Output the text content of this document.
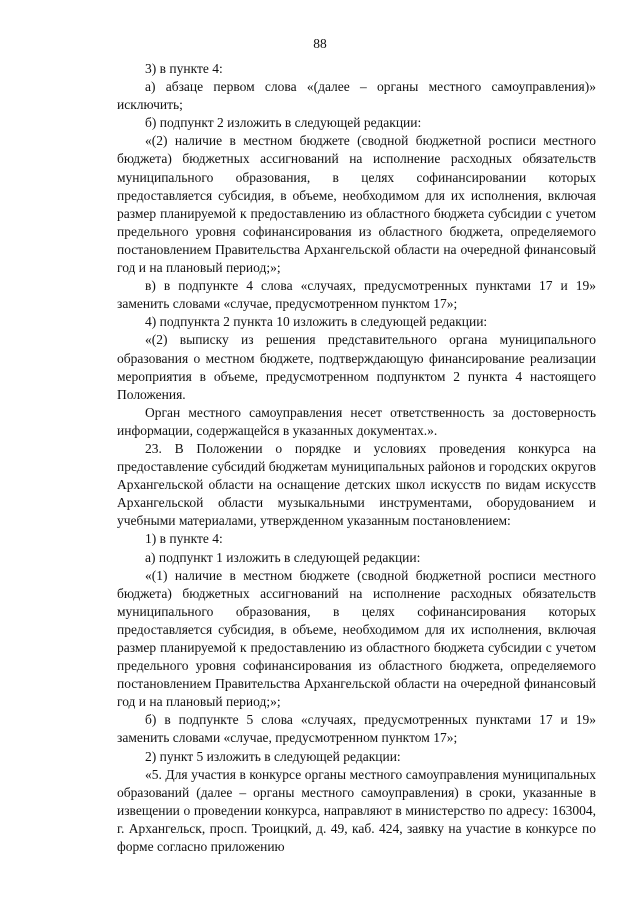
88

3) в пункте 4:

а) абзаце первом слова «(далее – органы местного самоуправления)» исключить;

б) подпункт 2 изложить в следующей редакции:

«(2) наличие в местном бюджете (сводной бюджетной росписи местного бюджета) бюджетных ассигнований на исполнение расходных обязательств муниципального образования, в целях софинансировании которых предоставляется субсидия, в объеме, необходимом для их исполнения, включая размер планируемой к предоставлению из областного бюджета субсидии с учетом предельного уровня софинансирования из областного бюджета, определяемого постановлением Правительства Архангельской области на очередной финансовый год и на плановый период;»;

в) в подпункте 4 слова «случаях, предусмотренных пунктами 17 и 19» заменить словами «случае, предусмотренном пунктом 17»;

4) подпункта 2 пункта 10 изложить в следующей редакции:

«(2) выписку из решения представительного органа муниципального образования о местном бюджете, подтверждающую финансирование реализации мероприятия в объеме, предусмотренном подпунктом 2 пункта 4 настоящего Положения.

Орган местного самоуправления несет ответственность за достоверность информации, содержащейся в указанных документах.».

23. В Положении о порядке и условиях проведения конкурса на предоставление субсидий бюджетам муниципальных районов и городских округов Архангельской области на оснащение детских школ искусств по видам искусств Архангельской области музыкальными инструментами, оборудованием и учебными материалами, утвержденном указанным постановлением:

1) в пункте 4:

а) подпункт 1 изложить в следующей редакции:

«(1) наличие в местном бюджете (сводной бюджетной росписи местного бюджета) бюджетных ассигнований на исполнение расходных обязательств муниципального образования, в целях софинансирования которых предоставляется субсидия, в объеме, необходимом для их исполнения, включая размер планируемой к предоставлению из областного бюджета субсидии с учетом предельного уровня софинансирования из областного бюджета, определяемого постановлением Правительства Архангельской области на очередной финансовый год и на плановый период;»;

б) в подпункте 5 слова «случаях, предусмотренных пунктами 17 и 19» заменить словами «случае, предусмотренном пунктом 17»;

2) пункт 5 изложить в следующей редакции:

«5. Для участия в конкурсе органы местного самоуправления муниципальных образований (далее – органы местного самоуправления) в сроки, указанные в извещении о проведении конкурса, направляют в министерство по адресу: 163004, г. Архангельск, просп. Троицкий, д. 49, каб. 424, заявку на участие в конкурсе по форме согласно приложению
